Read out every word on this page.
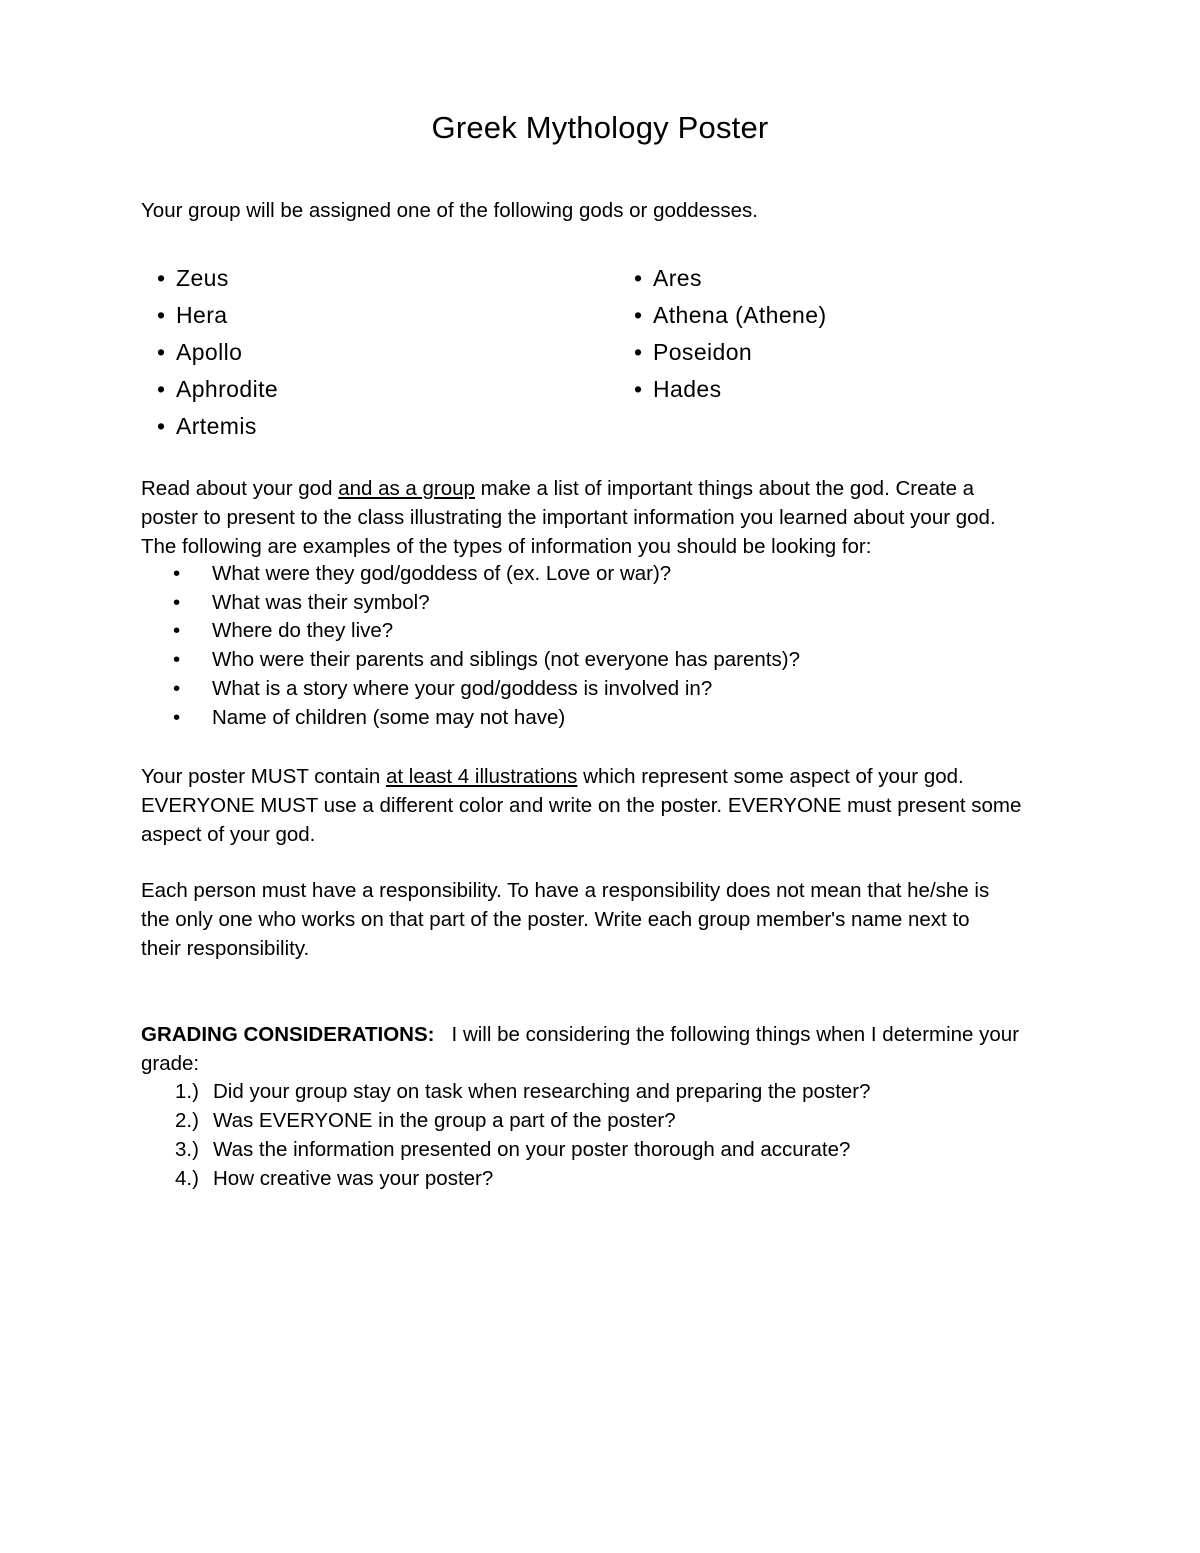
Greek Mythology Poster
Your group will be assigned one of the following gods or goddesses.
• Zeus
• Hera
• Apollo
• Aphrodite
• Artemis
• Ares
• Athena (Athene)
• Poseidon
• Hades
Read about your god and as a group make a list of important things about the god. Create a
poster to present to the class illustrating the important information you learned about your god.
The following are examples of the types of information you should be looking for:
• What were they god/goddess of (ex. Love or war)?
• What was their symbol?
• Where do they live?
• Who were their parents and siblings (not everyone has parents)?
• What is a story where your god/goddess is involved in?
• Name of children (some may not have)
Your poster MUST contain at least 4 illustrations which represent some aspect of your god.
EVERYONE MUST use a different color and write on the poster. EVERYONE must present some
aspect of your god.
Each person must have a responsibility. To have a responsibility does not mean that he/she is
the only one who works on that part of the poster. Write each group member's name next to
their responsibility.
GRADING CONSIDERATIONS:   I will be considering the following things when I determine your
grade:
1.) Did your group stay on task when researching and preparing the poster?
2.) Was EVERYONE in the group a part of the poster?
3.) Was the information presented on your poster thorough and accurate?
4.) How creative was your poster?
